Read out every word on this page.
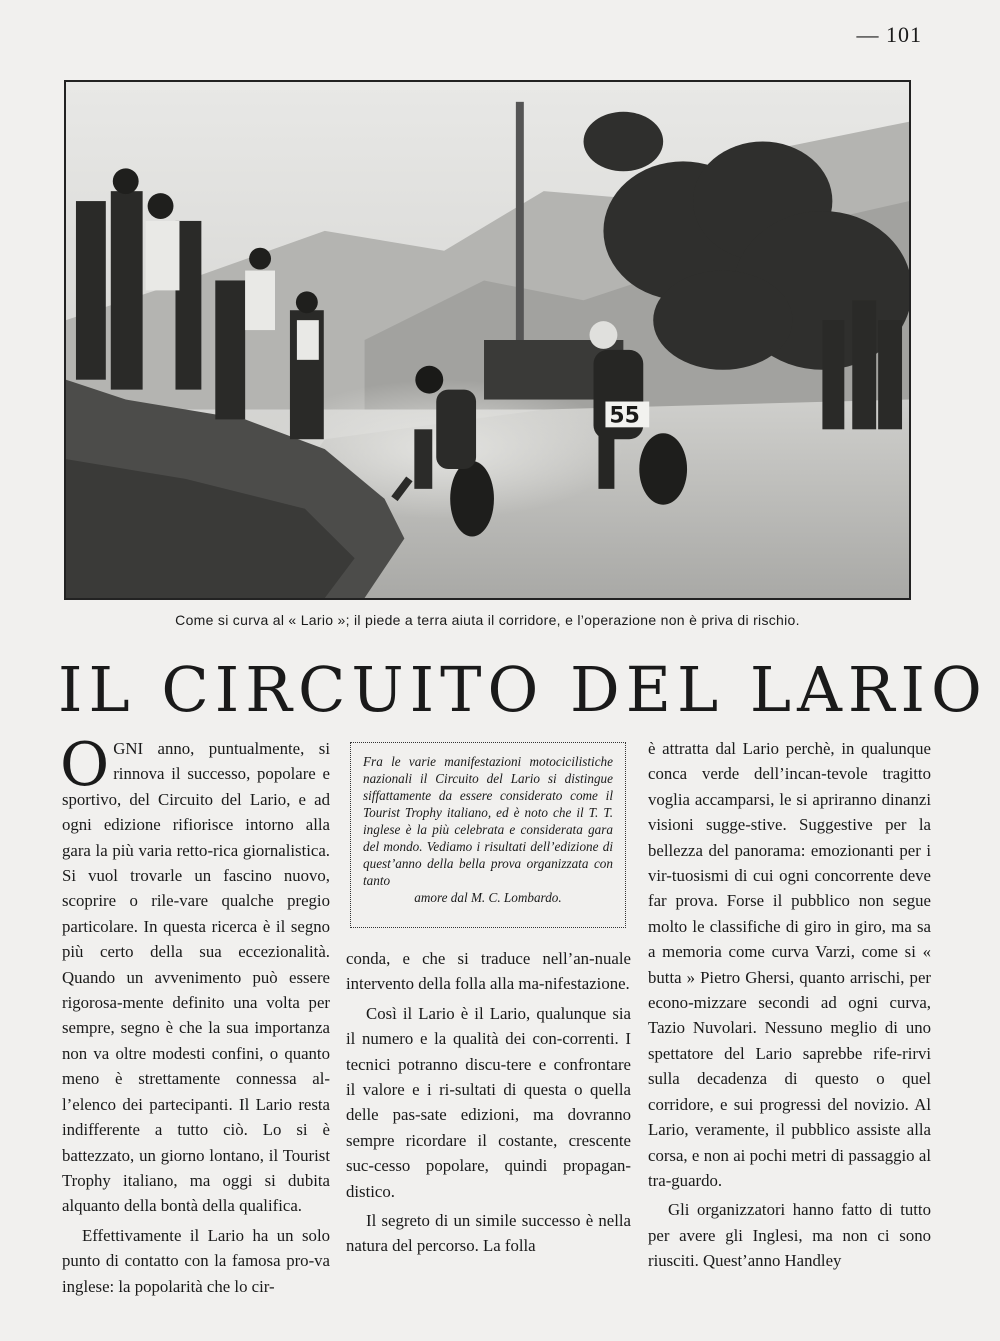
— 101
55
Come si curva al « Lario »; il piede a terra aiuta il corridore, e l’operazione non è priva di rischio.
IL CIRCUITO DEL LARIO

OGNI anno, puntualmente, si rinnova il successo, popolare e sportivo, del Circuito del Lario, e ad ogni edizione rifiorisce intorno alla gara la più varia retto-rica giornalistica. Si vuol trovarle un fascino nuovo, scoprire o rile-vare qualche pregio particolare. In questa ricerca è il segno più certo della sua eccezionalità. Quando un avvenimento può essere rigorosa-mente definito una volta per sempre, segno è che la sua importanza non va oltre modesti confini, o quanto meno è strettamente connessa al-l’elenco dei partecipanti. Il Lario resta indifferente a tutto ciò. Lo si è battezzato, un giorno lontano, il Tourist Trophy italiano, ma oggi si dubita alquanto della bontà della qualifica.

Effettivamente il Lario ha un solo punto di contatto con la famosa pro-va inglese: la popolarità che lo cir-

Fra le varie manifestazioni motocicilistiche nazionali il Circuito del Lario si distingue siffattamente da essere considerato come il Tourist Trophy italiano, ed è noto che il T. T. inglese è la più celebrata e considerata gara del mondo. Vediamo i risultati dell’edizione di quest’anno della bella prova organizzata con tanto
amore dal M. C. Lombardo.

conda, e che si traduce nell’an-nuale intervento della folla alla ma-nifestazione.

Così il Lario è il Lario, qualunque sia il numero e la qualità dei con-correnti. I tecnici potranno discu-tere e confrontare il valore e i ri-sultati di questa o quella delle pas-sate edizioni, ma dovranno sempre ricordare il costante, crescente suc-cesso popolare, quindi propagan-distico.

Il segreto di un simile successo è nella natura del percorso. La folla

è attratta dal Lario perchè, in qualunque conca verde dell’incan-tevole tragitto voglia accamparsi, le si apriranno dinanzi visioni sugge-stive. Suggestive per la bellezza del panorama: emozionanti per i vir-tuosismi di cui ogni concorrente deve far prova. Forse il pubblico non segue molto le classifiche di giro in giro, ma sa a memoria come curva Varzi, come si « butta » Pietro Ghersi, quanto arrischi, per econo-mizzare secondi ad ogni curva, Tazio Nuvolari. Nessuno meglio di uno spettatore del Lario saprebbe rife-rirvi sulla decadenza di questo o quel corridore, e sui progressi del novizio. Al Lario, veramente, il pubblico assiste alla corsa, e non ai pochi metri di passaggio al tra-guardo.

Gli organizzatori hanno fatto di tutto per avere gli Inglesi, ma non ci sono riusciti. Quest’anno Handley
